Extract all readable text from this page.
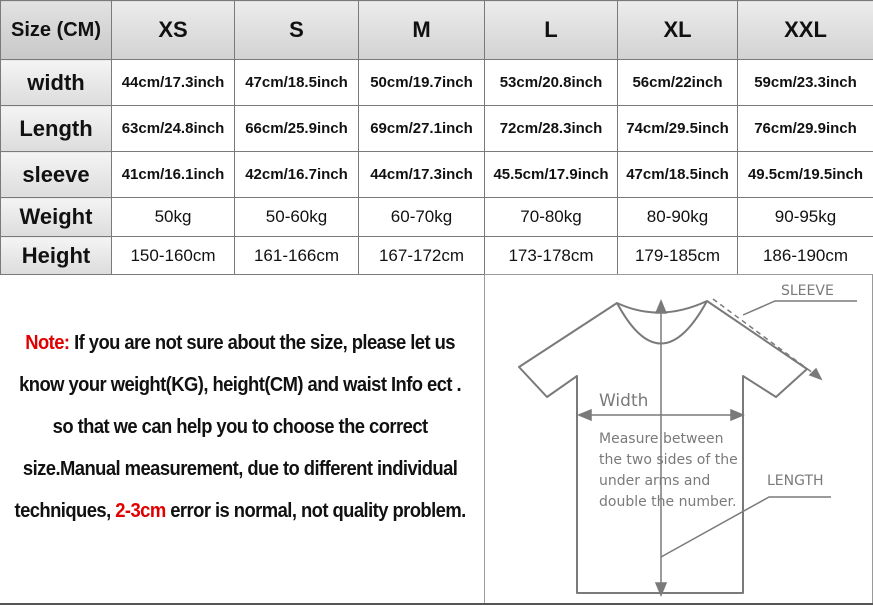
Size (CM)	XS	S	M	L	XL	XXL
width	44cm/17.3inch	47cm/18.5inch	50cm/19.7inch	53cm/20.8inch	56cm/22inch	59cm/23.3inch
Length	63cm/24.8inch	66cm/25.9inch	69cm/27.1inch	72cm/28.3inch	74cm/29.5inch	76cm/29.9inch
sleeve	41cm/16.1inch	42cm/16.7inch	44cm/17.3inch	45.5cm/17.9inch	47cm/18.5inch	49.5cm/19.5inch
Weight	50kg	50-60kg	60-70kg	70-80kg	80-90kg	90-95kg
Height	150-160cm	161-166cm	167-172cm	173-178cm	179-185cm	186-190cm
Note: If you are not sure about the size, please let us
know your weight(KG), height(CM) and waist Info ect .
so that we can help you to choose the correct
size.Manual measurement, due to different individual
techniques, 2-3cm error is normal, not quality problem.
SLEEVE
Width
LENGTH
Measure between the two sides of the under arms and double the number.
